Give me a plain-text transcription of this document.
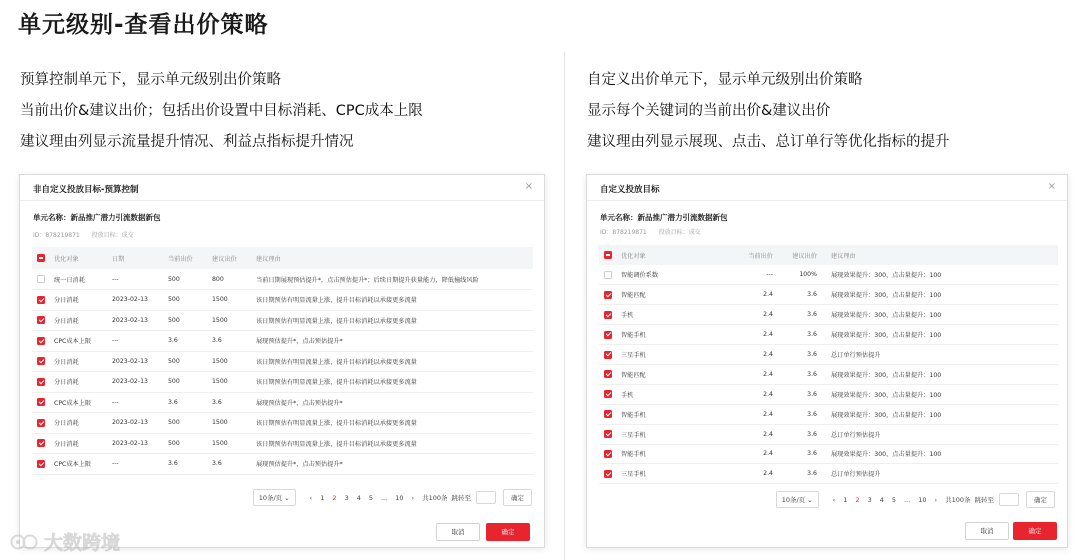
单元级别-查看出价策略
预算控制单元下，显示单元级别出价策略
当前出价&建议出价；包括出价设置中目标消耗、CPC成本上限
建议理由列显示流量提升情况、利益点指标提升情况
自定义出价单元下，显示单元级别出价策略
显示每个关键词的当前出价&建议出价
建议理由列显示展现、点击、总订单行等优化指标的提升
非自定义投放目标-预算控制	×
单元名称：新品推广潜力引流数据新包
ID：878219871 投放目标：成交
	优化对象	日期	当前出价	建议出价	建议理由
	统一日消耗	---	500	800	当前日期展现预估提升*，点击预估提升*；后续日期提升获量能力，降低撞线风险
	分日消耗	2023-02-13	500	1500	该日期预估有明显流量上涨，提升目标消耗以承接更多流量
	分日消耗	2023-02-13	500	1500	该日期预估有明显流量上涨，提升目标消耗以承接更多流量
	CPC成本上限	---	3.6	3.6	展现预估提升*，点击预估提升*
	分日消耗	2023-02-13	500	1500	该日期预估有明显流量上涨，提升目标消耗以承接更多流量
	分日消耗	2023-02-13	500	1500	该日期预估有明显流量上涨，提升目标消耗以承接更多流量
	CPC成本上限	---	3.6	3.6	展现预估提升*，点击预估提升*
	分日消耗	2023-02-13	500	1500	该日期预估有明显流量上涨，提升目标消耗以承接更多流量
	分日消耗	2023-02-13	500	1500	该日期预估有明显流量上涨，提升目标消耗以承接更多流量
	CPC成本上限	---	3.6	3.6	展现预估提升*，点击预估提升*
10条/页 ⌄	‹ 1 2 3 4 5 ... 10 › 共100条 跳转至	确定
取消	确定
自定义投放目标	×
单元名称：新品推广潜力引流数据新包
ID：878219871 投放目标：成交
	优化对象	当前出价	建议出价	建议理由
	智能调价系数	---	100%	展现效果提升：300，点击量提升：100
	智能匹配	2.4	3.6	展现效果提升：300，点击量提升：100
	手机	2.4	3.6	展现效果提升：300，点击量提升：100
	智能手机	2.4	3.6	展现效果提升：300，点击量提升：100
	三星手机	2.4	3.6	总订单行预估提升
	智能匹配	2.4	3.6	展现效果提升：300，点击量提升：100
	手机	2.4	3.6	展现效果提升：300，点击量提升：100
	智能手机	2.4	3.6	展现效果提升：300，点击量提升：100
	三星手机	2.4	3.6	总订单行预估提升
	智能手机	2.4	3.6	展现效果提升：300，点击量提升：100
	三星手机	2.4	3.6	总订单行预估提升
10条/页 ⌄	‹ 1 2 3 4 5 ... 10 › 共100条 跳转至	确定
取消	确定
大数跨境
